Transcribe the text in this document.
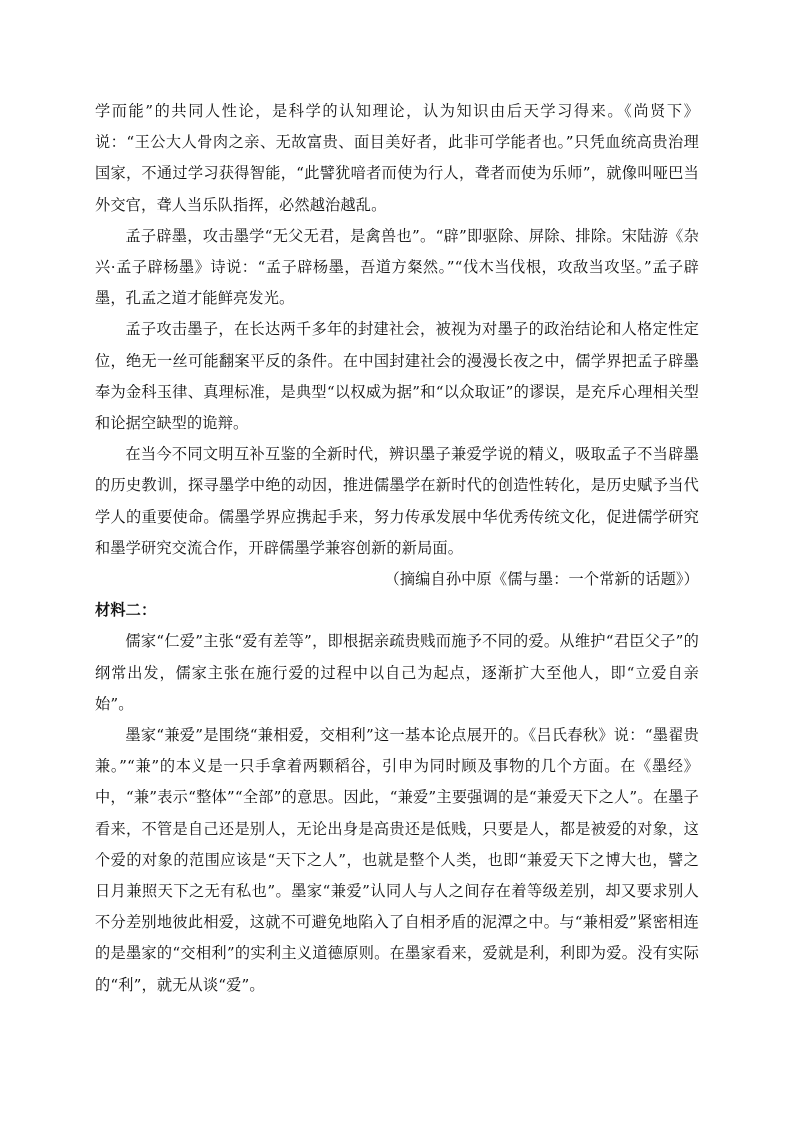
学而能”的共同人性论，是科学的认知理论，认为知识由后天学习得来。《尚贤下》说：“王公大人骨肉之亲、无故富贵、面目美好者，此非可学能者也。”只凭血统高贵治理国家，不通过学习获得智能，“此譬犹喑者而使为行人，聋者而使为乐师”，就像叫哑巴当外交官，聋人当乐队指挥，必然越治越乱。

孟子辟墨，攻击墨学“无父无君，是禽兽也”。“辟”即驱除、屏除、排除。宋陆游《杂兴·孟子辟杨墨》诗说：“孟子辟杨墨，吾道方粲然。”“伐木当伐根，攻敌当攻坚。”孟子辟墨，孔孟之道才能鲜亮发光。

孟子攻击墨子，在长达两千多年的封建社会，被视为对墨子的政治结论和人格定性定位，绝无一丝可能翻案平反的条件。在中国封建社会的漫漫长夜之中，儒学界把孟子辟墨奉为金科玉律、真理标准，是典型“以权威为据”和“以众取证”的谬误，是充斥心理相关型和论据空缺型的诡辩。

在当今不同文明互补互鉴的全新时代，辨识墨子兼爱学说的精义，吸取孟子不当辟墨的历史教训，探寻墨学中绝的动因，推进儒墨学在新时代的创造性转化，是历史赋予当代学人的重要使命。儒墨学界应携起手来，努力传承发展中华优秀传统文化，促进儒学研究和墨学研究交流合作，开辟儒墨学兼容创新的新局面。

（摘编自孙中原《儒与墨：一个常新的话题》）

材料二：

儒家“仁爱”主张“爱有差等”，即根据亲疏贵贱而施予不同的爱。从维护“君臣父子”的纲常出发，儒家主张在施行爱的过程中以自己为起点，逐渐扩大至他人，即“立爱自亲始”。

墨家“兼爱”是围绕“兼相爱，交相利”这一基本论点展开的。《吕氏春秋》说：“墨翟贵兼。”“兼”的本义是一只手拿着两颗稻谷，引申为同时顾及事物的几个方面。在《墨经》中，“兼”表示“整体”“全部”的意思。因此，“兼爱”主要强调的是“兼爱天下之人”。在墨子看来，不管是自己还是别人，无论出身是高贵还是低贱，只要是人，都是被爱的对象，这个爱的对象的范围应该是“天下之人”，也就是整个人类，也即“兼爱天下之博大也，譬之日月兼照天下之无有私也”。墨家“兼爱”认同人与人之间存在着等级差别，却又要求别人不分差别地彼此相爱，这就不可避免地陷入了自相矛盾的泥潭之中。与“兼相爱”紧密相连的是墨家的“交相利”的实利主义道德原则。在墨家看来，爱就是利，利即为爱。没有实际的“利”，就无从谈“爱”。
